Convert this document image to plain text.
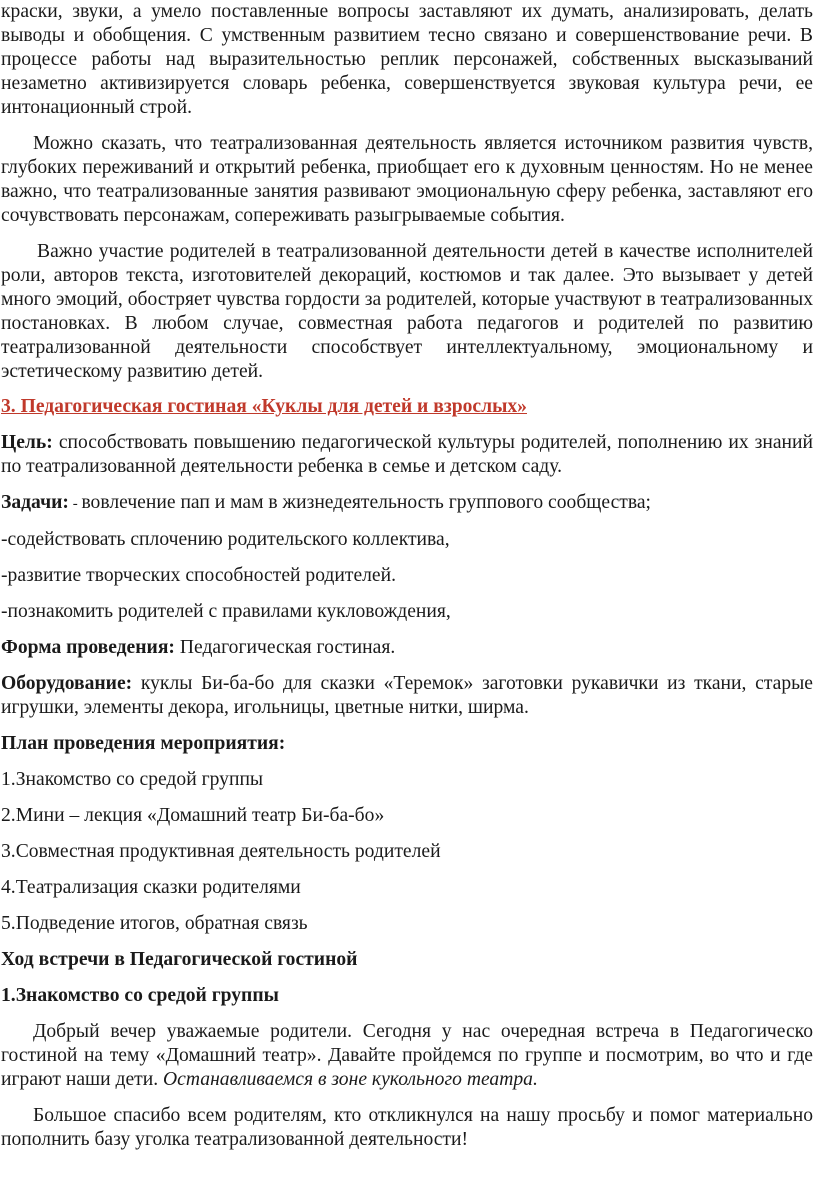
краски, звуки, а умело поставленные вопросы заставляют их думать, анализировать, делать выводы и обобщения. С умственным развитием тесно связано и совершенствование речи. В процессе работы над выразительностью реплик персонажей, собственных высказываний незаметно активизируется словарь ребенка, совершенствуется звуковая культура речи, ее интонационный строй.

Можно сказать, что театрализованная деятельность является источником развития чувств, глубоких переживаний и открытий ребенка, приобщает его к духовным ценностям. Но не менее важно, что театрализованные занятия развивают эмоциональную сферу ребенка, заставляют его сочувствовать персонажам, сопереживать разыгрываемые события.

Важно участие родителей в театрализованной деятельности детей в качестве исполнителей роли, авторов текста, изготовителей декораций, костюмов и так далее. Это вызывает у детей много эмоций, обостряет чувства гордости за родителей, которые участвуют в театрализованных постановках. В любом случае, совместная работа педагогов и родителей по развитию театрализованной деятельности способствует интеллектуальному, эмоциональному и эстетическому развитию детей.

3. Педагогическая гостиная «Куклы для детей и взрослых»

Цель: способствовать повышению педагогической культуры родителей, пополнению их знаний по театрализованной деятельности ребенка в семье и детском саду.

Задачи: - вовлечение пап и мам в жизнедеятельность группового сообщества;

-содействовать сплочению родительского коллектива,

-развитие творческих способностей родителей.

-познакомить родителей с правилами кукловождения,

Форма проведения: Педагогическая гостиная.

Оборудование: куклы Би-ба-бо для сказки «Теремок» заготовки рукавички из ткани, старые игрушки, элементы декора, игольницы, цветные нитки, ширма.

План проведения мероприятия:

1.Знакомство со средой группы

2.Мини – лекция «Домашний театр Би-ба-бо»

3.Совместная продуктивная деятельность родителей

4.Театрализация сказки родителями

5.Подведение итогов, обратная связь

Ход встречи в Педагогической гостиной

1.Знакомство со средой группы

Добрый вечер уважаемые родители. Сегодня у нас очередная встреча в Педагогическо гостиной на тему «Домашний театр». Давайте пройдемся по группе и посмотрим, во что и где играют наши дети. Останавливаемся в зоне кукольного театра.

Большое спасибо всем родителям, кто откликнулся на нашу просьбу и помог материально пополнить базу уголка театрализованной деятельности!
